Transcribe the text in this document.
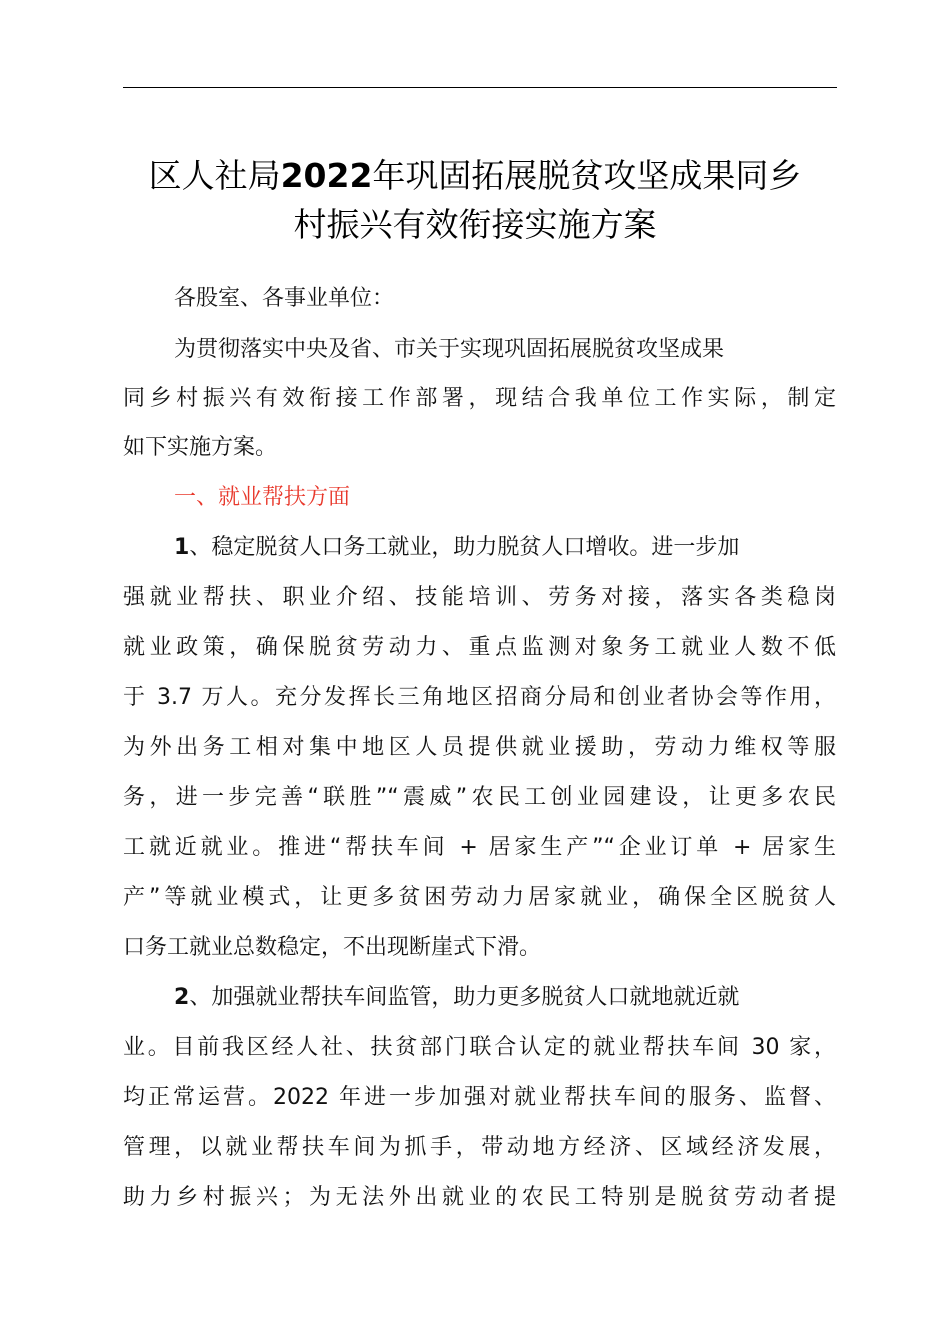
区人社局2022年巩固拓展脱贫攻坚成果同乡
村振兴有效衔接实施方案
各股室、各事业单位：
为贯彻落实中央及省、市关于实现巩固拓展脱贫攻坚成果
同乡村振兴有效衔接工作部署，现结合我单位工作实际，制定
如下实施方案。
一、就业帮扶方面
1、稳定脱贫人口务工就业，助力脱贫人口增收。进一步加
强就业帮扶、职业介绍、技能培训、劳务对接，落实各类稳岗
就业政策，确保脱贫劳动力、重点监测对象务工就业人数不低
于 3.7 万人。充分发挥长三角地区招商分局和创业者协会等作用，
为外出务工相对集中地区人员提供就业援助，劳动力维权等服
务，进一步完善“联胜”“震威”农民工创业园建设，让更多农民
工就近就业。推进“帮扶车间 + 居家生产”“企业订单 + 居家生
产”等就业模式，让更多贫困劳动力居家就业，确保全区脱贫人
口务工就业总数稳定，不出现断崖式下滑。
2、加强就业帮扶车间监管，助力更多脱贫人口就地就近就
业。目前我区经人社、扶贫部门联合认定的就业帮扶车间 30 家，
均正常运营。2022 年进一步加强对就业帮扶车间的服务、监督、
管理，以就业帮扶车间为抓手，带动地方经济、区域经济发展，
助力乡村振兴；为无法外出就业的农民工特别是脱贫劳动者提
